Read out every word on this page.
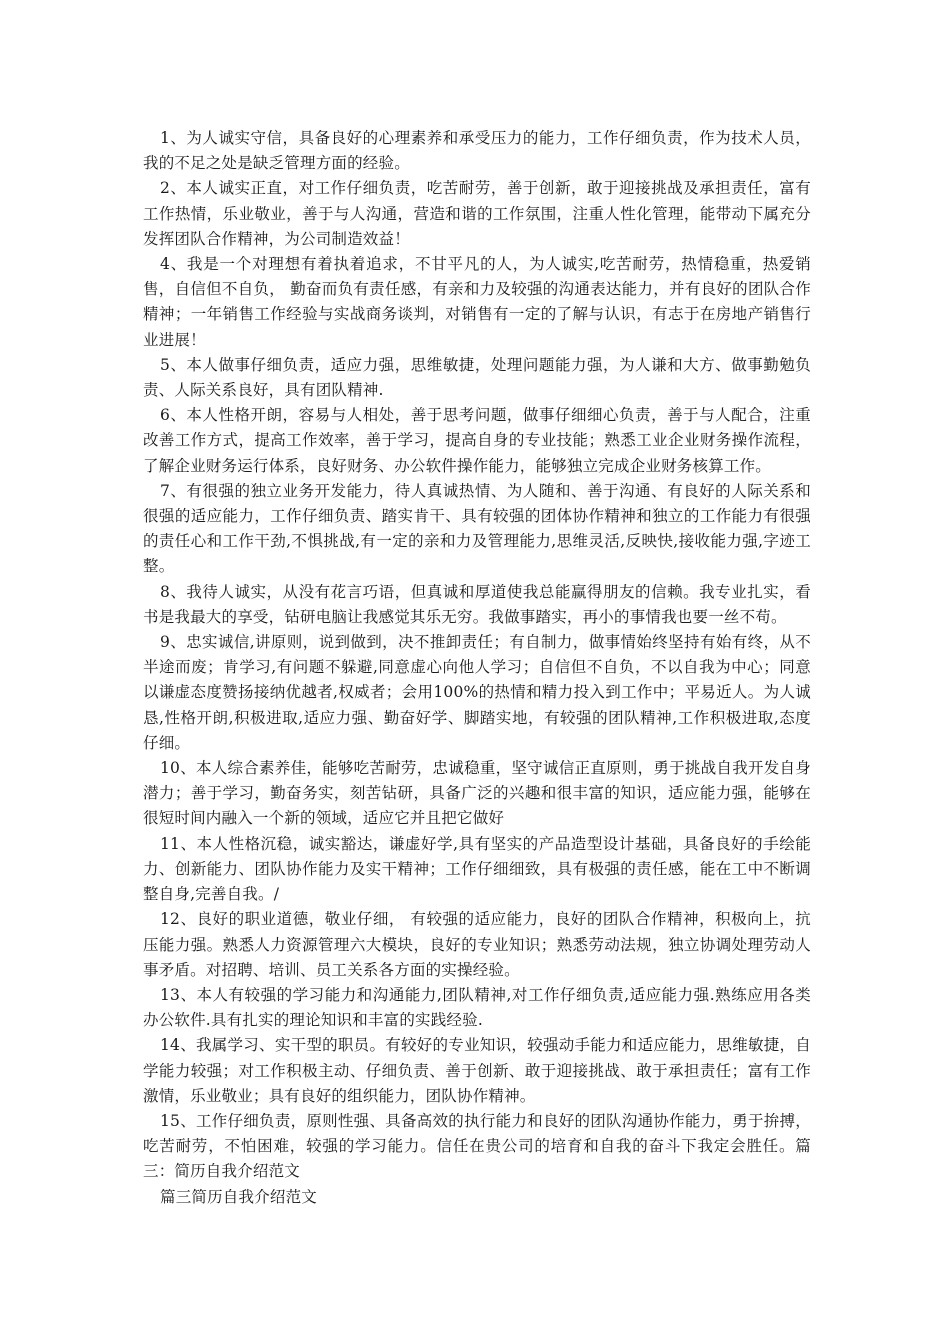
1、为人诚实守信，具备良好的心理素养和承受压力的能力，工作仔细负责，作为技术人员，我的不足之处是缺乏管理方面的经验。

2、本人诚实正直，对工作仔细负责，吃苦耐劳，善于创新，敢于迎接挑战及承担责任，富有工作热情，乐业敬业，善于与人沟通，营造和谐的工作氛围，注重人性化管理，能带动下属充分发挥团队合作精神，为公司制造效益！

4、我是一个对理想有着执着追求，不甘平凡的人，为人诚实,吃苦耐劳，热情稳重，热爱销售，自信但不自负， 勤奋而负有责任感，有亲和力及较强的沟通表达能力，并有良好的团队合作精神；一年销售工作经验与实战商务谈判，对销售有一定的了解与认识，有志于在房地产销售行业进展！

5、本人做事仔细负责，适应力强，思维敏捷，处理问题能力强，为人谦和大方、做事勤勉负责、人际关系良好，具有团队精神.

6、本人性格开朗，容易与人相处，善于思考问题，做事仔细细心负责，善于与人配合，注重改善工作方式，提高工作效率，善于学习，提高自身的专业技能；熟悉工业企业财务操作流程，了解企业财务运行体系，良好财务、办公软件操作能力，能够独立完成企业财务核算工作。

7、有很强的独立业务开发能力，待人真诚热情、为人随和、善于沟通、有良好的人际关系和很强的适应能力，工作仔细负责、踏实肯干、具有较强的团体协作精神和独立的工作能力有很强的责任心和工作干劲,不惧挑战,有一定的亲和力及管理能力,思维灵活,反映快,接收能力强,字迹工整。

8、我待人诚实，从没有花言巧语，但真诚和厚道使我总能赢得朋友的信赖。我专业扎实，看书是我最大的享受，钻研电脑让我感觉其乐无穷。我做事踏实，再小的事情我也要一丝不苟。

9、忠实诚信,讲原则，说到做到，决不推卸责任；有自制力，做事情始终坚持有始有终，从不半途而废；肯学习,有问题不躲避,同意虚心向他人学习；自信但不自负，不以自我为中心；同意以谦虚态度赞扬接纳优越者,权威者；会用100%的热情和精力投入到工作中；平易近人。为人诚恳,性格开朗,积极进取,适应力强、勤奋好学、脚踏实地，有较强的团队精神,工作积极进取,态度仔细。

10、本人综合素养佳，能够吃苦耐劳，忠诚稳重，坚守诚信正直原则，勇于挑战自我开发自身潜力；善于学习，勤奋务实，刻苦钻研，具备广泛的兴趣和很丰富的知识，适应能力强，能够在很短时间内融入一个新的领域，适应它并且把它做好

11、本人性格沉稳，诚实豁达，谦虚好学,具有坚实的产品造型设计基础，具备良好的手绘能力、创新能力、团队协作能力及实干精神；工作仔细细致，具有极强的责任感，能在工中不断调整自身,完善自我。/

12、良好的职业道德，敬业仔细， 有较强的适应能力，良好的团队合作精神，积极向上，抗压能力强。熟悉人力资源管理六大模块，良好的专业知识；熟悉劳动法规，独立协调处理劳动人事矛盾。对招聘、培训、员工关系各方面的实操经验。

13、本人有较强的学习能力和沟通能力,团队精神,对工作仔细负责,适应能力强.熟练应用各类办公软件.具有扎实的理论知识和丰富的实践经验.

14、我属学习、实干型的职员。有较好的专业知识，较强动手能力和适应能力，思维敏捷，自学能力较强；对工作积极主动、仔细负责、善于创新、敢于迎接挑战、敢于承担责任；富有工作激情，乐业敬业；具有良好的组织能力，团队协作精神。

15、工作仔细负责，原则性强、具备高效的执行能力和良好的团队沟通协作能力，勇于拚搏，吃苦耐劳，不怕困难，较强的学习能力。信任在贵公司的培育和自我的奋斗下我定会胜任。篇三：简历自我介绍范文

篇三简历自我介绍范文
